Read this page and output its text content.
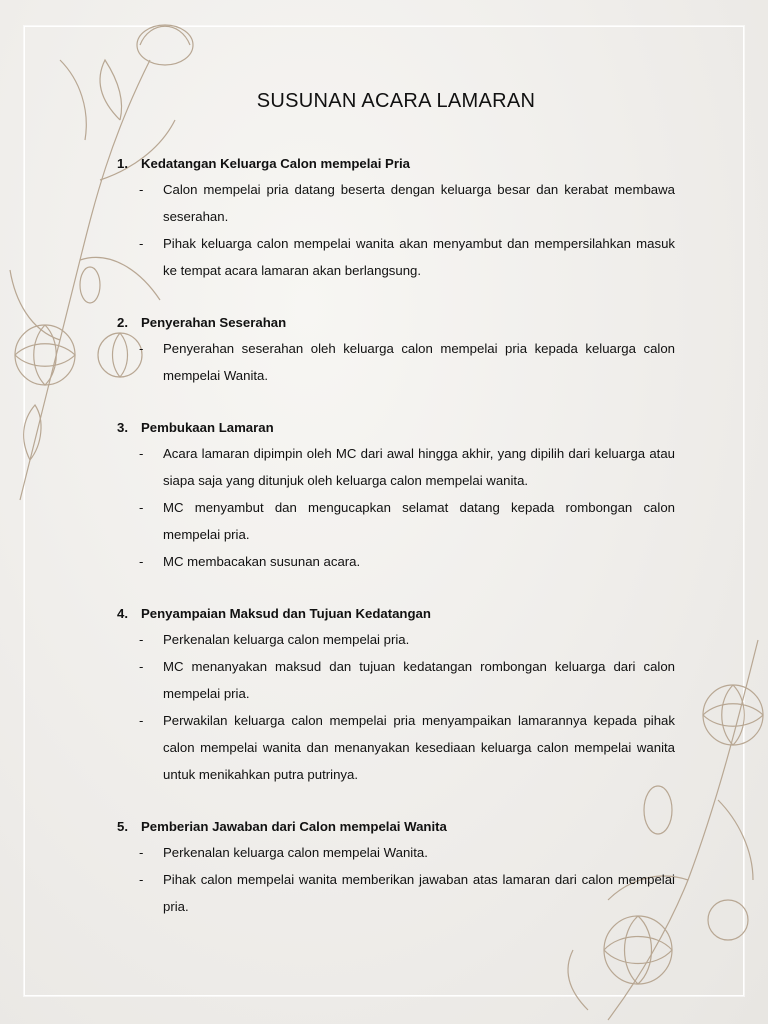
SUSUNAN ACARA LAMARAN
1. Kedatangan Keluarga Calon mempelai Pria
-	Calon mempelai pria datang beserta dengan keluarga besar dan kerabat membawa seserahan.
-	Pihak keluarga calon mempelai wanita akan menyambut dan mempersilahkan masuk ke tempat acara lamaran akan berlangsung.
2. Penyerahan Seserahan
-	Penyerahan seserahan oleh keluarga calon mempelai pria kepada keluarga calon mempelai Wanita.
3. Pembukaan Lamaran
-	Acara lamaran dipimpin oleh MC dari awal hingga akhir, yang dipilih dari keluarga atau siapa saja yang ditunjuk oleh keluarga calon mempelai wanita.
-	MC menyambut dan mengucapkan selamat datang kepada rombongan calon mempelai pria.
-	MC membacakan susunan acara.
4. Penyampaian Maksud dan Tujuan Kedatangan
-	Perkenalan keluarga calon mempelai pria.
-	MC menanyakan maksud dan tujuan kedatangan rombongan keluarga dari calon mempelai pria.
-	Perwakilan keluarga calon mempelai pria menyampaikan lamarannya kepada pihak calon mempelai wanita dan menanyakan kesediaan keluarga calon mempelai wanita untuk menikahkan putra putrinya.
5. Pemberian Jawaban dari Calon mempelai Wanita
-	Perkenalan keluarga calon mempelai Wanita.
-	Pihak calon mempelai wanita memberikan jawaban atas lamaran dari calon mempelai pria.
